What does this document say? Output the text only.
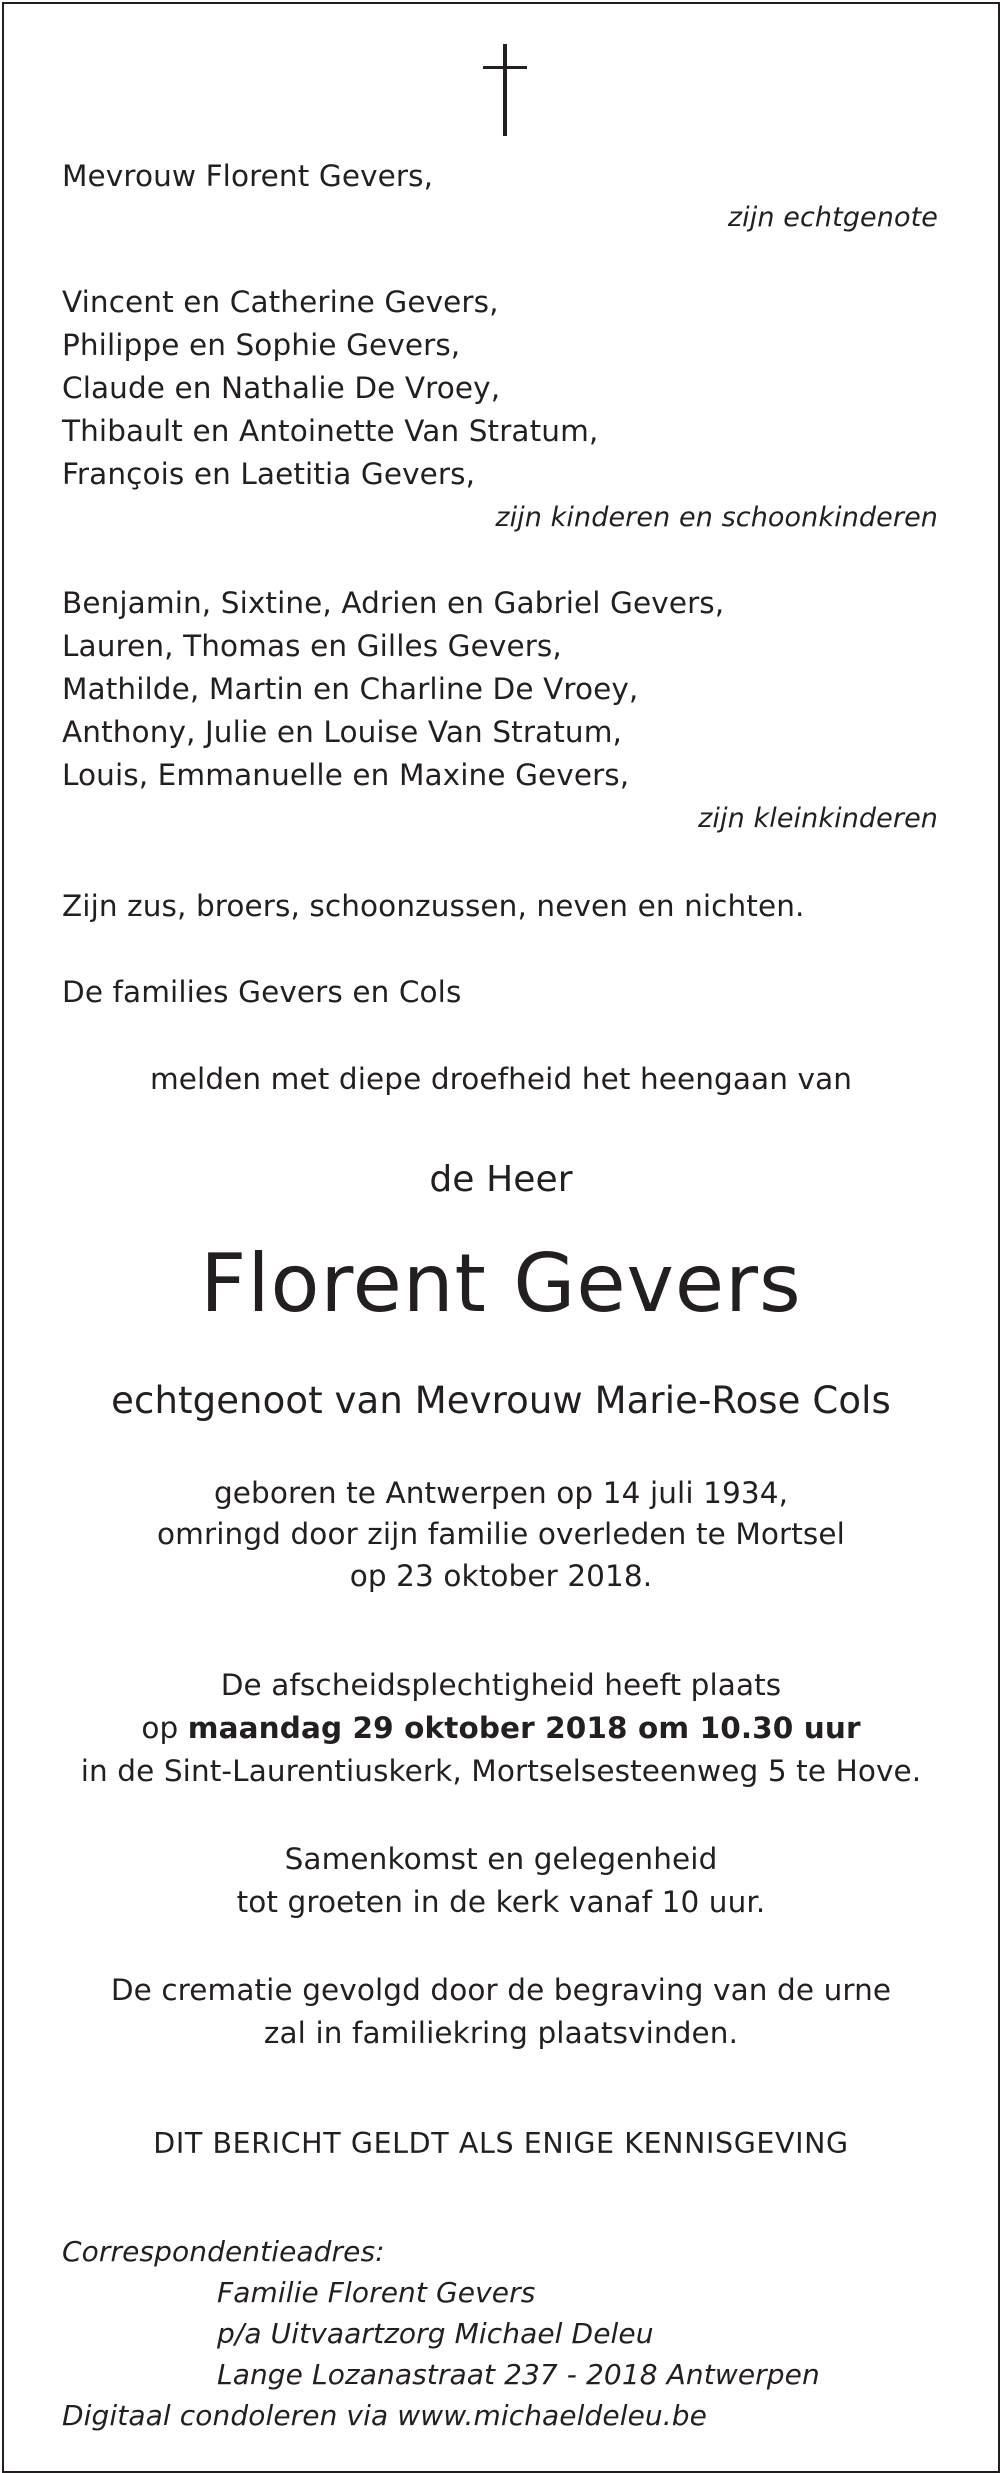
Mevrouw Florent Gevers,
zijn echtgenote
Vincent en Catherine Gevers,
Philippe en Sophie Gevers,
Claude en Nathalie De Vroey,
Thibault en Antoinette Van Stratum,
François en Laetitia Gevers,
zijn kinderen en schoonkinderen
Benjamin, Sixtine, Adrien en Gabriel Gevers,
Lauren, Thomas en Gilles Gevers,
Mathilde, Martin en Charline De Vroey,
Anthony, Julie en Louise Van Stratum,
Louis, Emmanuelle en Maxine Gevers,
zijn kleinkinderen
Zijn zus, broers, schoonzussen, neven en nichten.
De families Gevers en Cols
melden met diepe droefheid het heengaan van
de Heer
Florent Gevers
echtgenoot van Mevrouw Marie-Rose Cols
geboren te Antwerpen op 14 juli 1934,
omringd door zijn familie overleden te Mortsel
op 23 oktober 2018.
De afscheidsplechtigheid heeft plaats
op maandag 29 oktober 2018 om 10.30 uur
in de Sint-Laurentiuskerk, Mortselsesteenweg 5 te Hove.
Samenkomst en gelegenheid
tot groeten in de kerk vanaf 10 uur.
De crematie gevolgd door de begraving van de urne
zal in familiekring plaatsvinden.
DIT BERICHT GELDT ALS ENIGE KENNISGEVING
Correspondentieadres:
Familie Florent Gevers
p/a Uitvaartzorg Michael Deleu
Lange Lozanastraat 237 - 2018 Antwerpen
Digitaal condoleren via www.michaeldeleu.be
